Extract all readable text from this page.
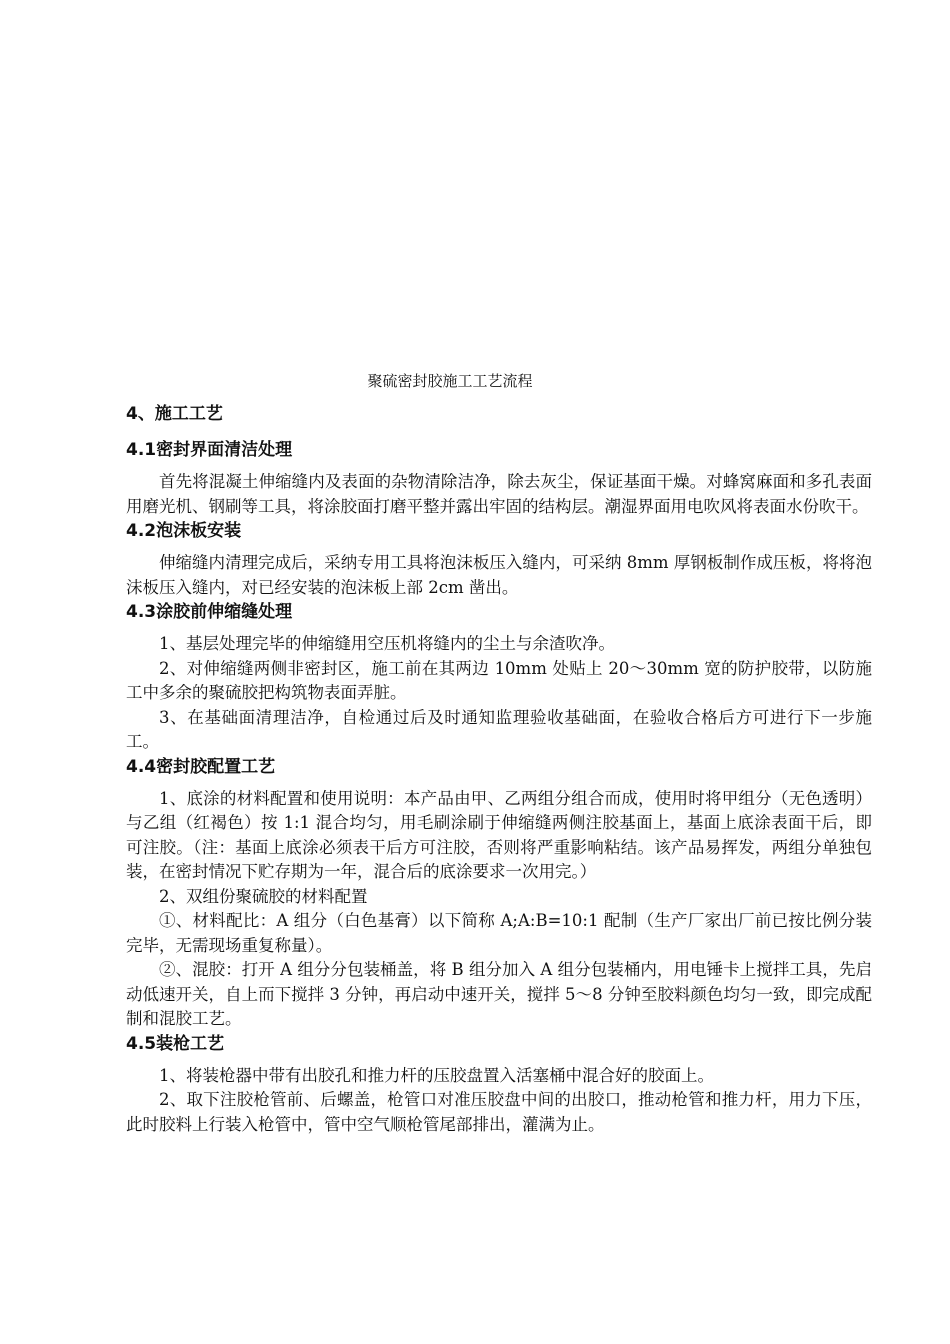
聚硫密封胶施工工艺流程
4、施工工艺
4.1密封界面清洁处理

首先将混凝土伸缩缝内及表面的杂物清除洁净，除去灰尘，保证基面干燥。对蜂窝麻面和多孔表面用磨光机、钢刷等工具，将涂胶面打磨平整并露出牢固的结构层。潮湿界面用电吹风将表面水份吹干。

4.2泡沫板安装

伸缩缝内清理完成后，采纳专用工具将泡沫板压入缝内，可采纳 8mm 厚钢板制作成压板，将将泡沫板压入缝内，对已经安装的泡沫板上部 2cm 凿出。

4.3涂胶前伸缩缝处理

1、基层处理完毕的伸缩缝用空压机将缝内的尘土与余渣吹净。

2、对伸缩缝两侧非密封区，施工前在其两边 10mm 处贴上 20～30mm 宽的防护胶带，以防施工中多余的聚硫胶把构筑物表面弄脏。

3、在基础面清理洁净，自检通过后及时通知监理验收基础面，在验收合格后方可进行下一步施工。

4.4密封胶配置工艺

1、底涂的材料配置和使用说明：本产品由甲、乙两组分组合而成，使用时将甲组分（无色透明）与乙组（红褐色）按 1:1 混合均匀，用毛刷涂刷于伸缩缝两侧注胶基面上，基面上底涂表面干后，即可注胶。（注：基面上底涂必须表干后方可注胶，否则将严重影响粘结。该产品易挥发，两组分单独包装，在密封情况下贮存期为一年，混合后的底涂要求一次用完。）

2、双组份聚硫胶的材料配置

①、材料配比：A 组分（白色基膏）以下简称 A;A:B=10:1 配制（生产厂家出厂前已按比例分装完毕，无需现场重复称量）。

②、混胶：打开 A 组分分包装桶盖，将 B 组分加入 A 组分包装桶内，用电锤卡上搅拌工具，先启动低速开关，自上而下搅拌 3 分钟，再启动中速开关，搅拌 5～8 分钟至胶料颜色均匀一致，即完成配制和混胶工艺。

4.5装枪工艺

1、将装枪器中带有出胶孔和推力杆的压胶盘置入活塞桶中混合好的胶面上。

2、取下注胶枪管前、后螺盖，枪管口对准压胶盘中间的出胶口，推动枪管和推力杆，用力下压，此时胶料上行装入枪管中，管中空气顺枪管尾部排出，灌满为止。
